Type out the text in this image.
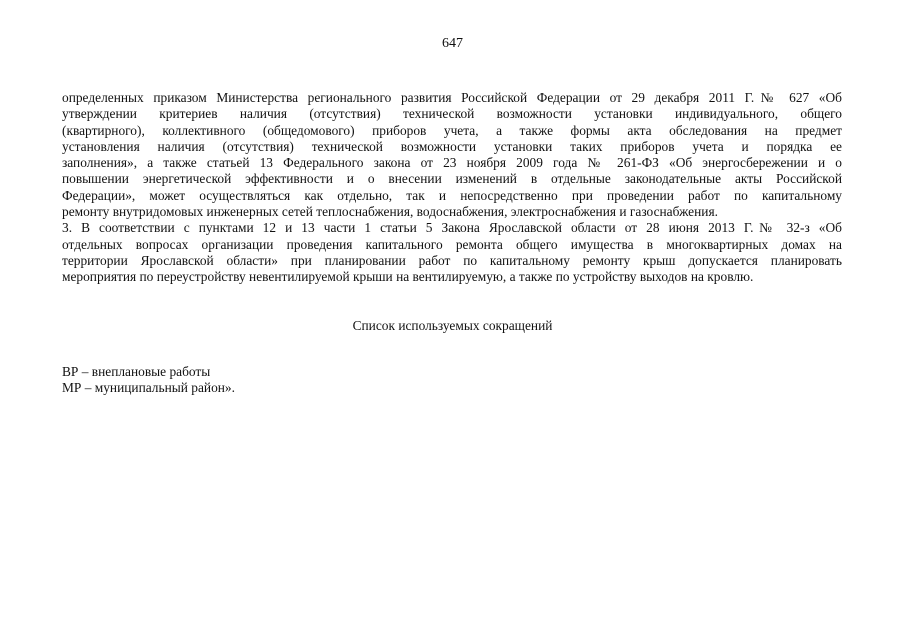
647
определенных приказом Министерства регионального развития Российской Федерации от 29 декабря 2011 Г.№ 627 «Об
утверждении критериев наличия (отсутствия) технической возможности установки индивидуального, общего
(квартирного), коллективного (общедомового) приборов учета, а также формы акта обследования на предмет
установления наличия (отсутствия) технической возможности установки таких приборов учета и порядка ее
заполнения», а также статьей 13 Федерального закона от 23 ноября 2009 года № 261-ФЗ «Об энергосбережении и о
повышении энергетической эффективности и о внесении изменений в отдельные законодательные акты Российской
Федерации», может осуществляться как отдельно, так и непосредственно при проведении работ по капитальному
ремонту внутридомовых инженерных сетей теплоснабжения, водоснабжения, электроснабжения и газоснабжения.
3. В соответствии с пунктами 12 и 13 части 1 статьи 5 Закона Ярославской области от 28 июня 2013 Г.№ 32-з «Об
отдельных вопросах организации проведения капитального ремонта общего имущества в многоквартирных домах на
территории Ярославской области» при планировании работ по капитальному ремонту крыш допускается планировать
мероприятия по переустройству невентилируемой крыши на вентилируемую, а также по устройству выходов на кровлю.
Список используемых сокращений
ВР – внеплановые работы
МР – муниципальный район».
